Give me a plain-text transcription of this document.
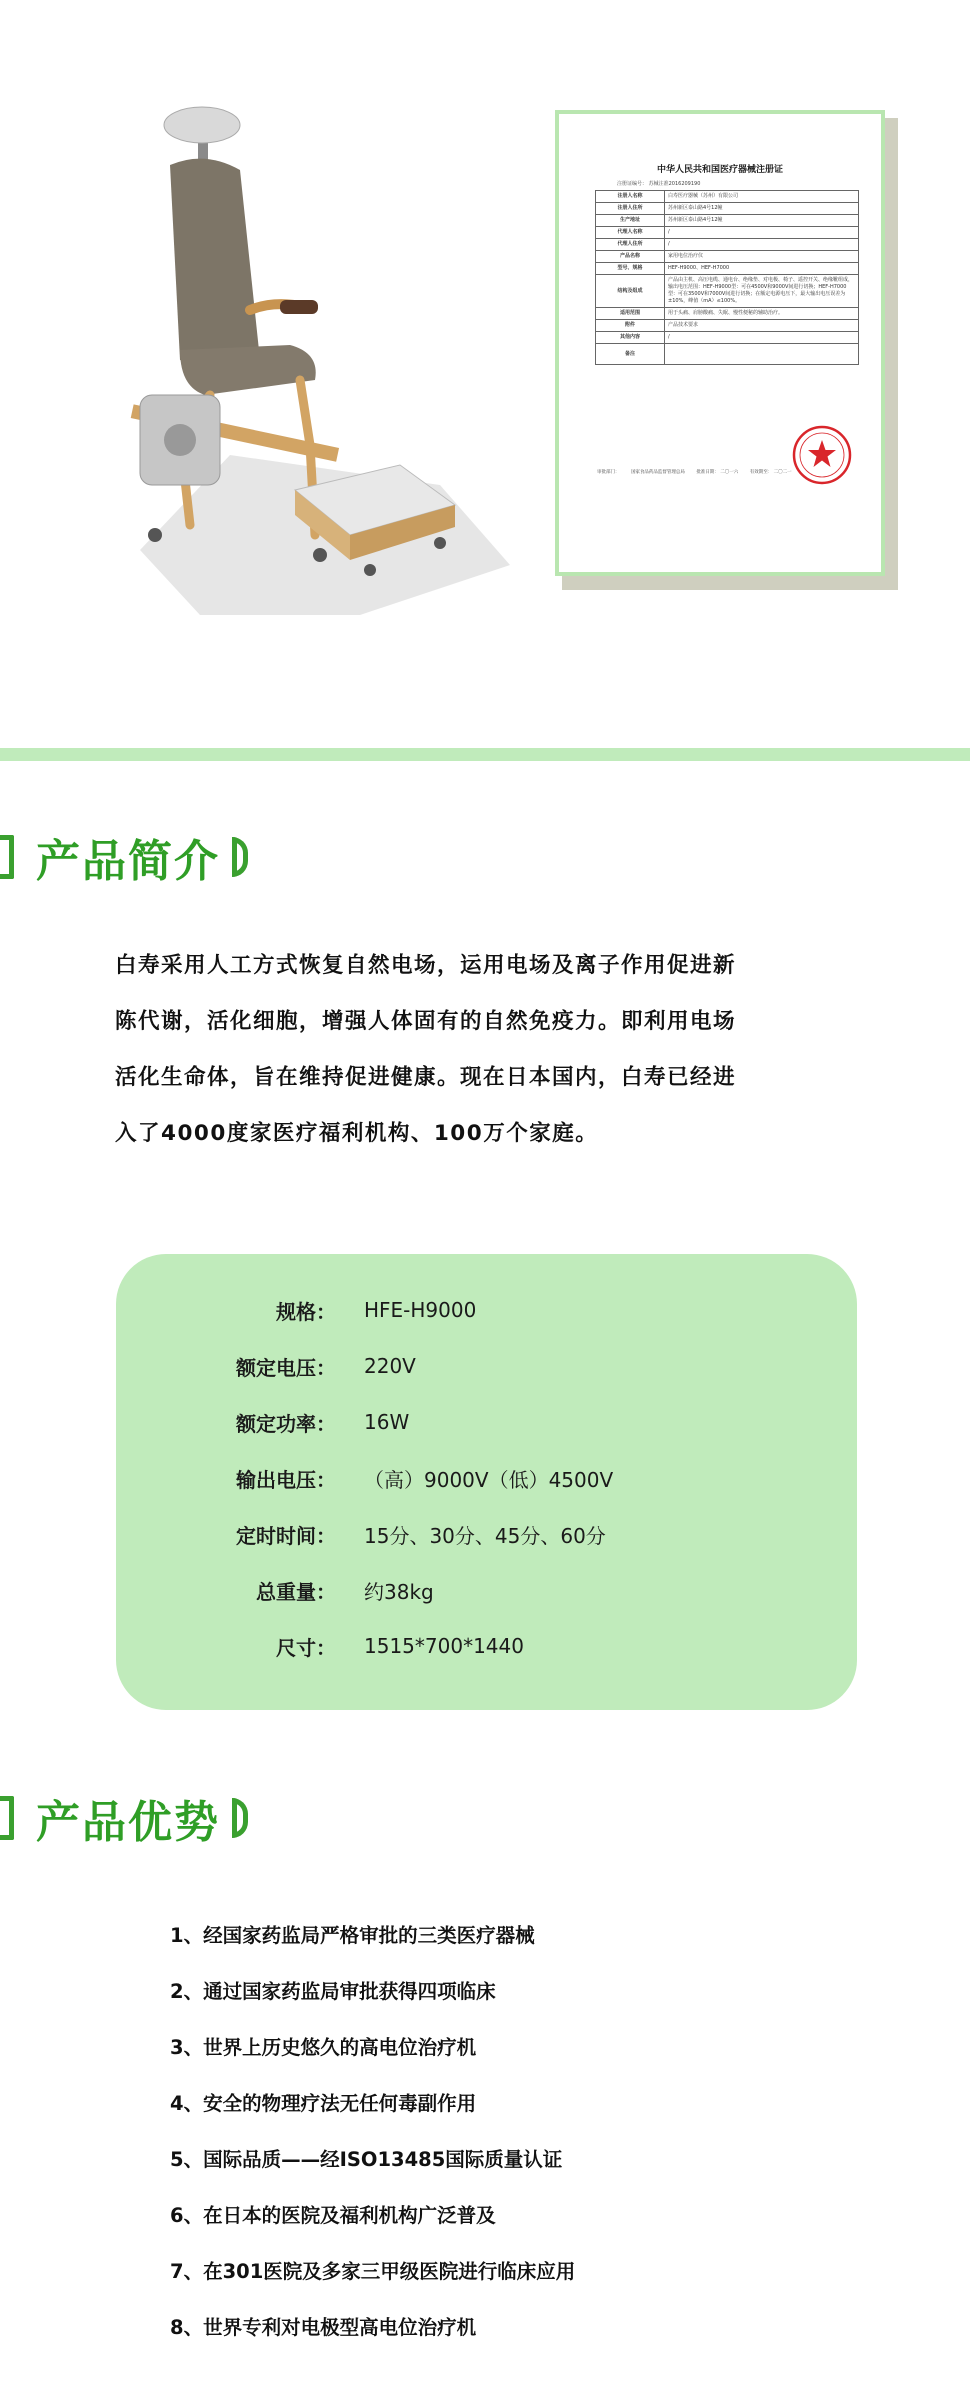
中华人民共和国医疗器械注册证
注册证编号： 苏械注准2016209190
注册人名称	白寿医疗器械（苏州）有限公司
注册人住所	苏州新区泰山路4号12幢
生产地址	苏州新区泰山路4号12幢
代理人名称	/
代理人住所	/
产品名称	家用电位治疗仪
型号、规格	HEF-H9000、HEF-H7000
结构及组成	产品由主机、高压电缆、通电台、绝缘垫、对电极、椅子、遥控开关、绝缘靴组成，输出电压范围：HEF-H9000型：可在4500V和9000V间进行切换；HEF-H7000型：可在3500V和7000V间进行切换；在额定电源电压下，最大输出电压误差为±10%，峰值（mA）≤100%。
适用范围	用于头痛、肩膀酸痛、失眠、慢性便秘的辅助治疗。
附件	产品技术要求
其他内容	/
备注	
审批部门：	国家食品药品监督管理总局	批准日期： 二〇一六	有效期至： 二〇二一
产品简介
白寿采用人工方式恢复自然电场，运用电场及离子作用促进新
陈代谢，活化细胞，增强人体固有的自然免疫力。即利用电场
活化生命体，旨在维持促进健康。现在日本国内，白寿已经进
入了4000度家医疗福利机构、100万个家庭。
规格： HFE-H9000
额定电压： 220V
额定功率： 16W
输出电压： （高）9000V（低）4500V
定时时间： 15分、30分、45分、60分
总重量： 约38kg
尺寸： 1515*700*1440
产品优势
1、经国家药监局严格审批的三类医疗器械
2、通过国家药监局审批获得四项临床
3、世界上历史悠久的高电位治疗机
4、安全的物理疗法无任何毒副作用
5、国际品质——经ISO13485国际质量认证
6、在日本的医院及福利机构广泛普及
7、在301医院及多家三甲级医院进行临床应用
8、世界专利对电极型高电位治疗机
